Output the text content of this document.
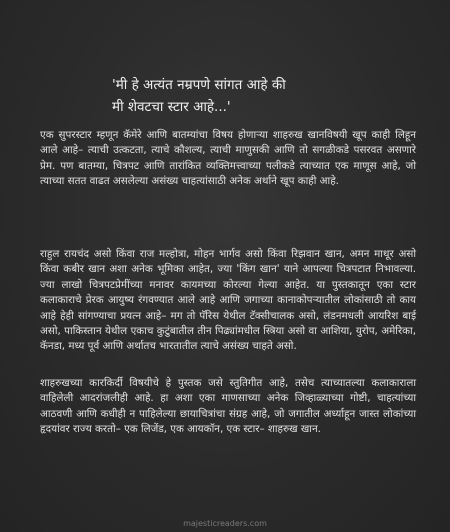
'मी हे अत्यंत नम्रपणे सांगत आहे की

मी शेवटचा स्टार आहे...'

एक सुपरस्टार म्हणून कॅमेरे आणि बातम्यांचा विषय होणाऱ्या शाहरुख खानविषयी खूप काही लिहून आले आहे– त्याची उत्कटता, त्याचे कौशल्य, त्याची माणुसकी आणि तो सगळीकडे पसरवत असणारे प्रेम. पण बातम्या, चित्रपट आणि तारांकित व्यक्तिमत्त्वाच्या पलीकडे त्याच्यात एक माणूस आहे, जो त्याच्या सतत वाढत असलेल्या असंख्य चाहत्यांसाठी अनेक अर्थाने खूप काही आहे.

राहुल रायचंद असो किंवा राज मल्होत्रा, मोहन भार्गव असो किंवा रिझवान खान, अमन माथूर असो किंवा कबीर खान अशा अनेक भूमिका आहेत, ज्या 'किंग खान' याने आपल्या चित्रपटात निभावल्या. ज्या लाखो चित्रपटप्रेमींच्या मनावर कायमच्या कोरल्या गेल्या आहेत. या पुस्तकातून एका स्टार कलाकाराचे प्रेरक आयुष्य रंगवण्यात आले आहे आणि जगाच्या कानाकोपऱ्यातील लोकांसाठी तो काय आहे हेही सांगण्याचा प्रयत्न आहे– मग तो पॅरिस येथील टॅक्सीचालक असो, लंडनमधली आयरिश बाई असो, पाकिस्तान येथील एकाच कुटुंबातील तीन पिढ्यांमधील स्त्रिया असो वा आशिया, युरोप, अमेरिका, कॅनडा, मध्य पूर्व आणि अर्थातच भारतातील त्याचे असंख्य चाहते असो.

शाहरुखच्या कारकिर्दी विषयीचे हे पुस्तक जसे स्तुतिगीत आहे, तसेच त्याच्यातल्या कलाकाराला वाहिलेली आदरांजलीही आहे. हा अशा एका माणसाच्या अनेक जिव्हाळ्याच्या गोष्टी, चाहत्यांच्या आठवणी आणि कधीही न पाहिलेल्या छायाचित्रांचा संग्रह आहे, जो जगातील अर्ध्याहून जास्त लोकांच्या हृदयांवर राज्य करतो– एक लिजेंड, एक आयकॉन, एक स्टार– शाहरुख खान.

majesticreaders.com
